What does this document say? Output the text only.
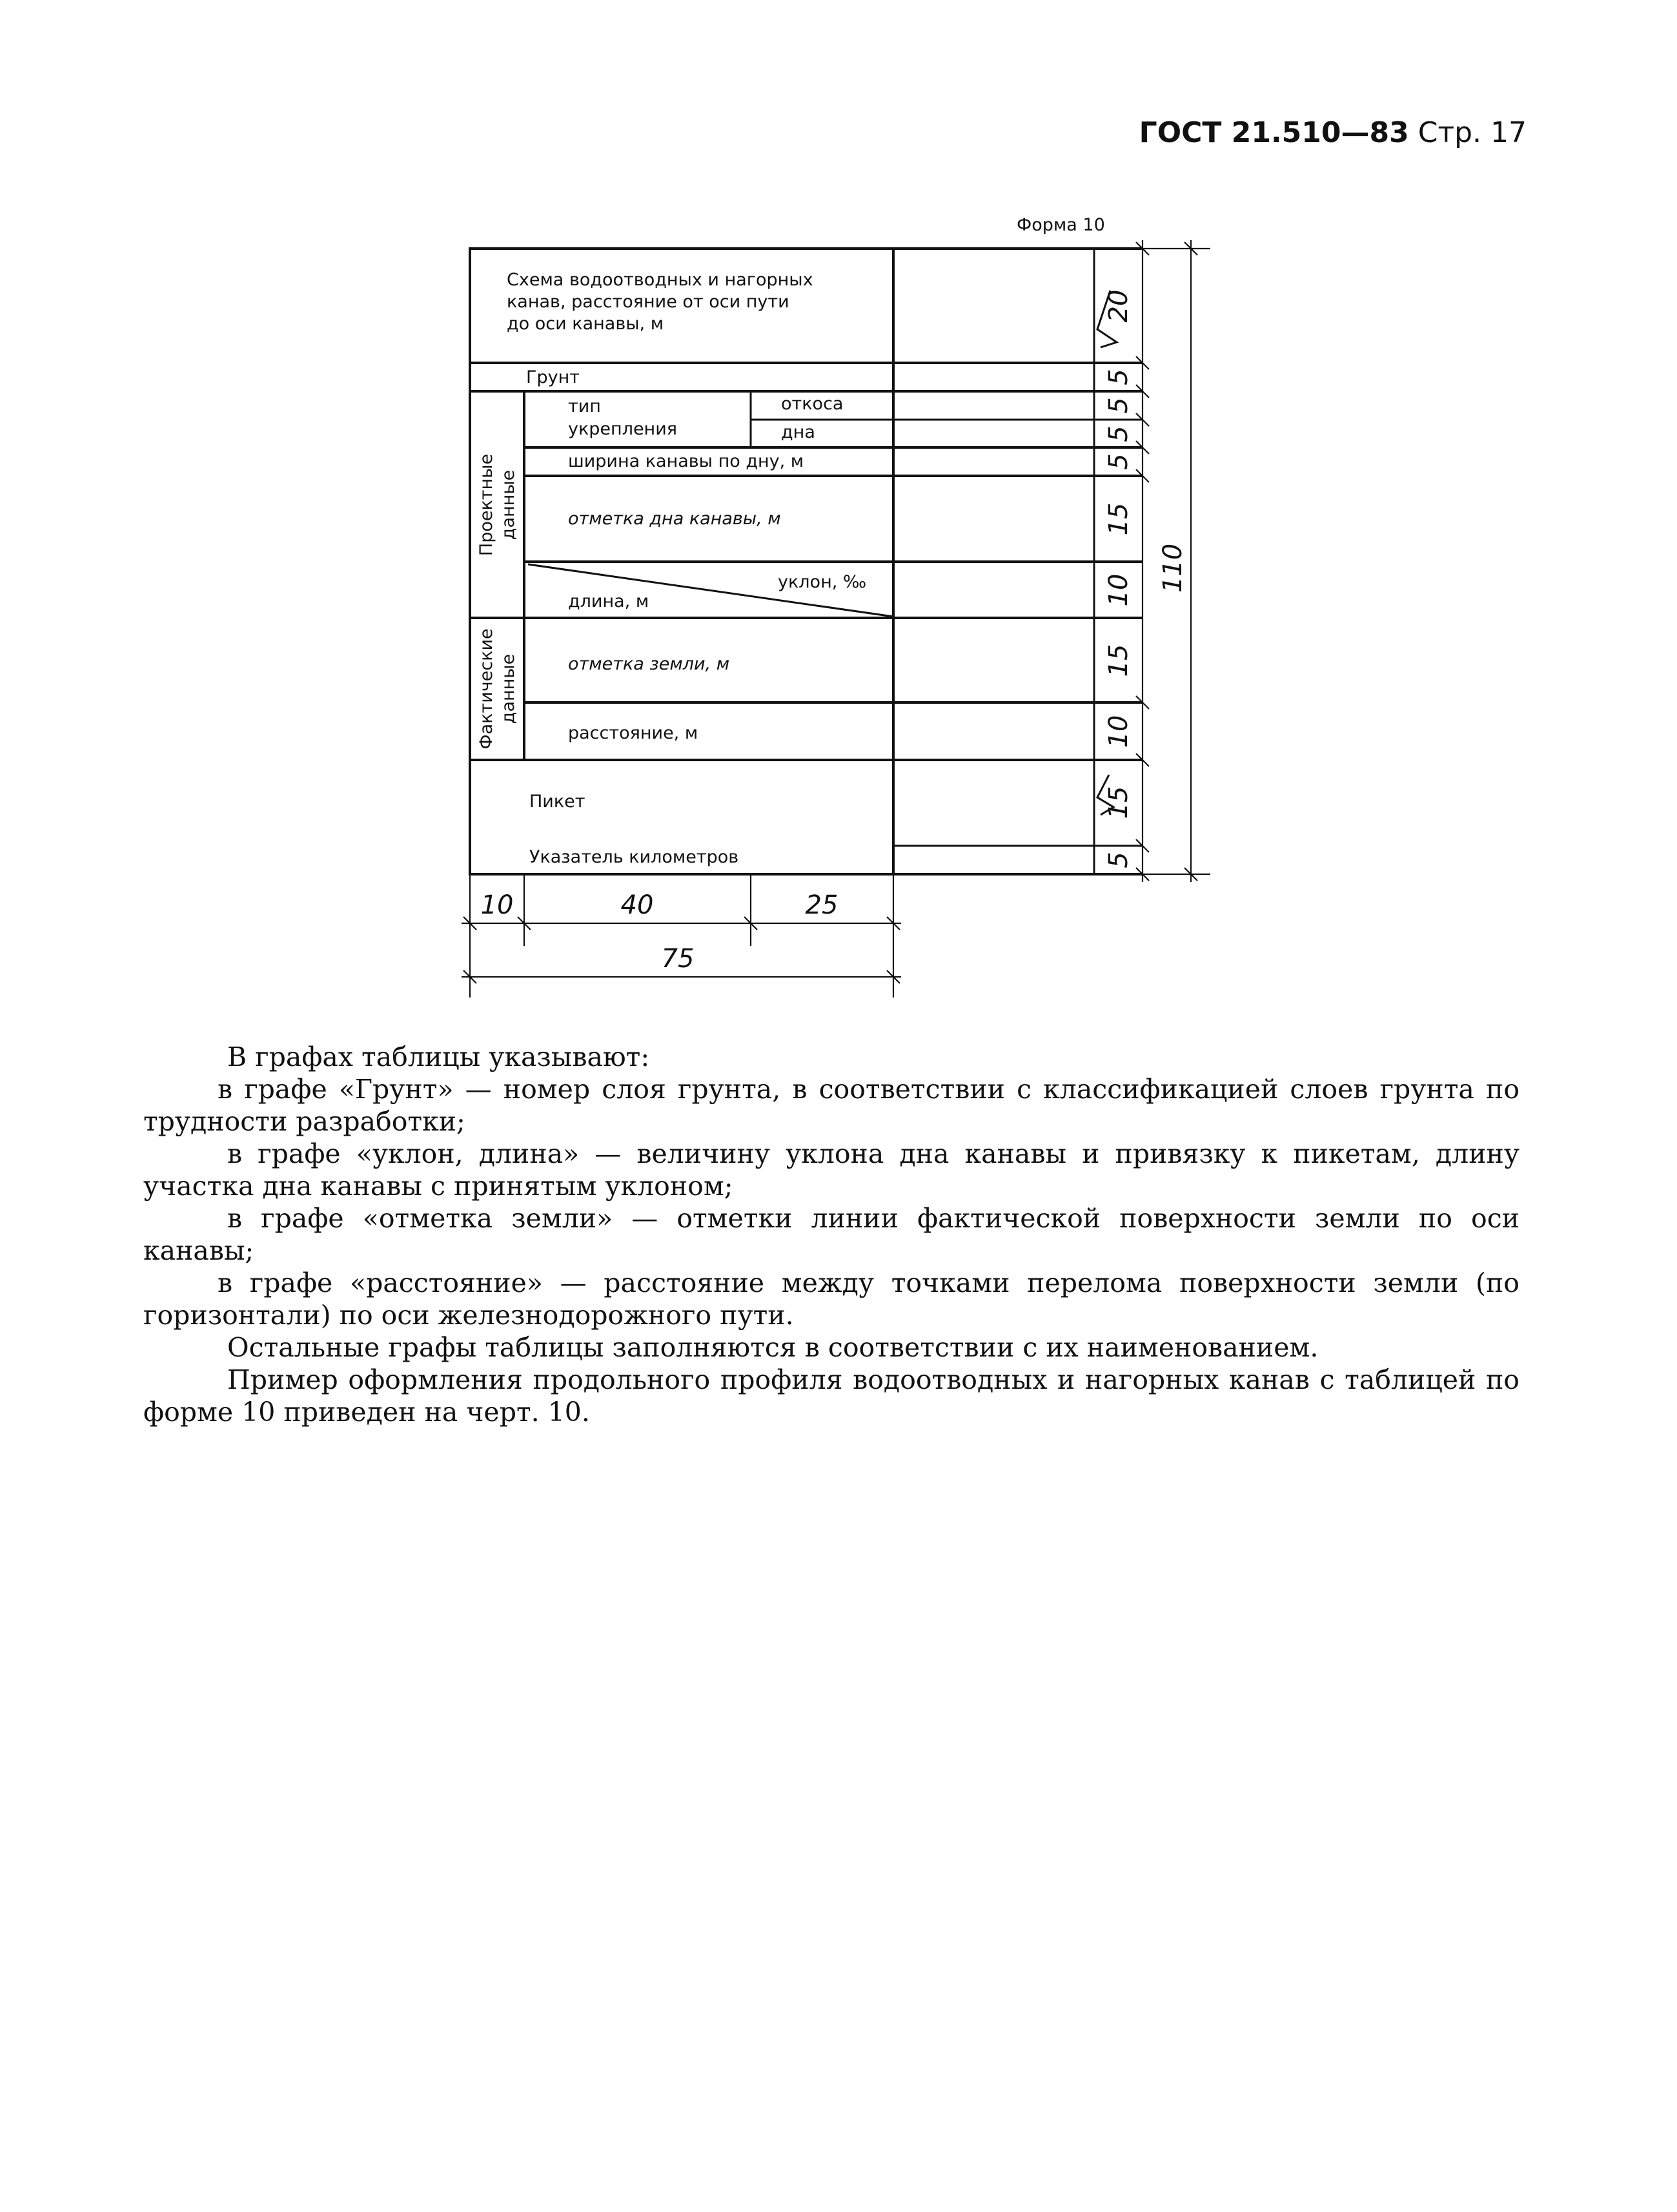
ГОСТ 21.510—83 Стр. 17
Форма 10
20
5
5
5
5
15
10
15
10
15
5
110
Схема водоотводных и нагорных
канав, расстояние от оси пути
до оси канавы, м
Грунт
тип
укрепления
откоса
дна
ширина канавы по дну, м
отметка дна канавы, м
уклон, ‰
длина, м
отметка земли, м
расстояние, м
Пикет
Указатель километров
Проектные данные
Фактические данные
10	40	25
75

В графах таблицы указывают:

в графе «Грунт» — номер слоя грунта, в соответствии с классификацией слоев грунта по трудности разработки;

в графе «уклон, длина» — величину уклона дна канавы и привязку к пикетам, длину участка дна канавы с принятым уклоном;

в графе «отметка земли» — отметки линии фактической поверхности земли по оси канавы;

в графе «расстояние» — расстояние между точками перелома поверхности земли (по горизонтали) по оси железнодорожного пути.

Остальные графы таблицы заполняются в соответствии с их наименованием.

Пример оформления продольного профиля водоотводных и нагорных канав с таблицей по форме 10 приведен на черт. 10.
